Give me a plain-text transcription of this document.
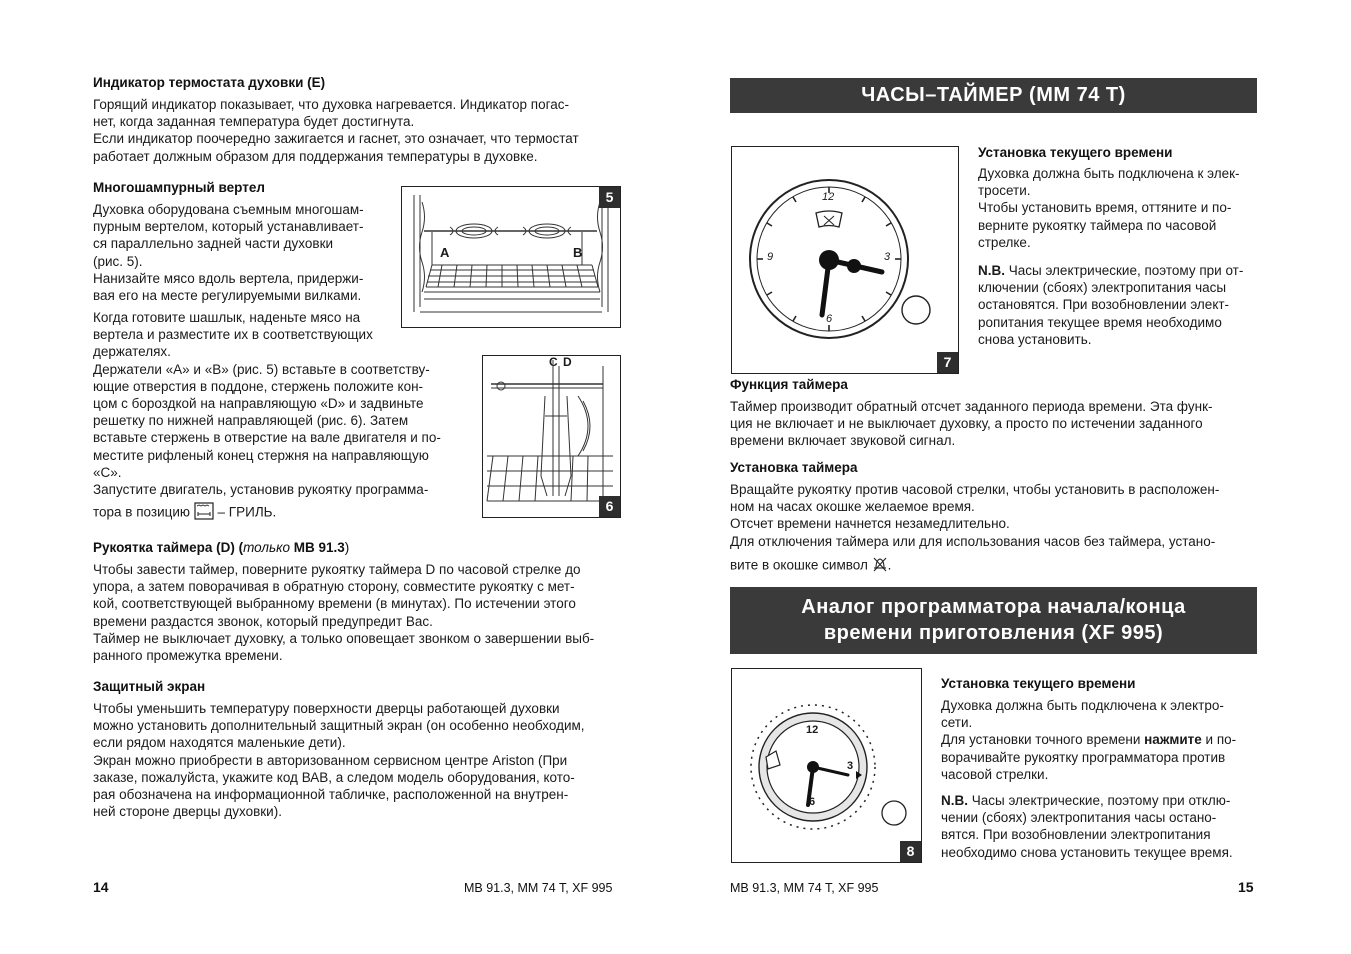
Индикатор термостата духовки (E)
Горящий индикатор показывает, что духовка нагревается. Индикатор погас-
нет, когда заданная температура будет достигнута.
Если индикатор поочередно зажигается и гаснет, это означает, что термостат
работает должным образом для поддержания температуры в духовке.
Многошампурный вертел
Духовка оборудована съемным многошам-
пурным вертелом, который устанавливает-
ся параллельно задней части духовки
(рис. 5).
Нанизайте мясо вдоль вертела, придержи-
вая его на месте регулируемыми вилками.
Когда готовите шашлык, наденьте мясо на
вертела и разместите их в соответствующих
держателях.
Держатели «А» и «В» (рис. 5) вставьте в соответству-
ющие отверстия в поддоне, стержень положите кон-
цом с бороздкой на направляющую «D» и задвиньте
решетку по нижней направляющей (рис. 6). Затем
вставьте стержень в отверстие на вале двигателя и по-
местите рифленый конец стержня на направляющую
«С».
Запустите двигатель, установив рукоятку программа-
тора в позицию  – ГРИЛЬ.
A	B
5
C D
6
Рукоятка таймера (D) (только MB 91.3)
Чтобы завести таймер, поверните рукоятку таймера D по часовой стрелке до
упора, а затем поворачивая в обратную сторону, совместите рукоятку с мет-
кой, соответствующей выбранному времени (в минутах). По истечении этого
времени раздастся звонок, который предупредит Вас.
Таймер не выключает духовку, а только оповещает звонком о завершении выб-
ранного промежутка времени.
Защитный экран
Чтобы уменьшить температуру поверхности дверцы работающей духовки
можно установить дополнительный защитный экран (он особенно необходим,
если рядом находятся маленькие дети).
Экран можно приобрести в авторизованном сервисном центре Ariston (При
заказе, пожалуйста, укажите код ВАВ, а следом модель оборудования, кото-
рая обозначена на информационной табличке, расположенной на внутрен-
ней стороне дверцы духовки).
14	MB 91.3, MM 74 T, XF 995
ЧАСЫ–ТАЙМЕР (ММ 74 Т)
12
3
6
9
7
Установка текущего времени
Духовка должна быть подключена к элек-
тросети.
Чтобы установить время, оттяните и по-
верните рукоятку таймера по часовой
стрелке.
N.B. Часы электрические, поэтому при от-
ключении (сбоях) электропитания часы
остановятся. При возобновлении элект-
ропитания текущее время необходимо
снова установить.
Функция таймера
Таймер производит обратный отсчет заданного периода времени. Эта функ-
ция не включает и не выключает духовку, а просто по истечении заданного
времени включает звуковой сигнал.
Установка таймера
Вращайте рукоятку против часовой стрелки, чтобы установить в расположен-
ном на часах окошке желаемое время.
Отсчет времени начнется незамедлительно.
Для отключения таймера или для использования часов без таймера, устано-
вите в окошке символ .
Аналог программатора начала/конца
времени приготовления (XF 995)
12
3
6
8
Установка текущего времени
Духовка должна быть подключена к электро-
сети.
Для установки точного времени нажмите и по-
ворачивайте рукоятку программатора против
часовой стрелки.
N.B. Часы электрические, поэтому при отклю-
чении (сбоях) электропитания часы остано-
вятся. При возобновлении электропитания
необходимо снова установить текущее время.
MB 91.3, MM 74 T, XF 995	15
